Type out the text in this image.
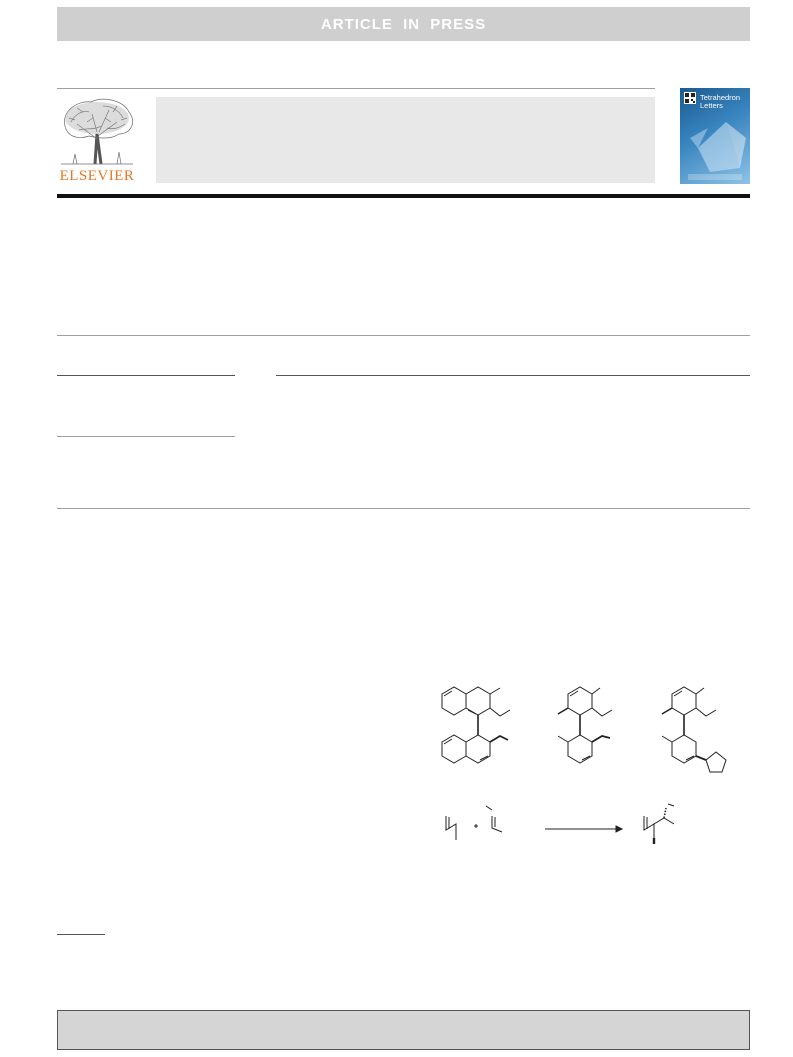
ARTICLE IN PRESS
ELSEVIER
Tetrahedron
Letters
